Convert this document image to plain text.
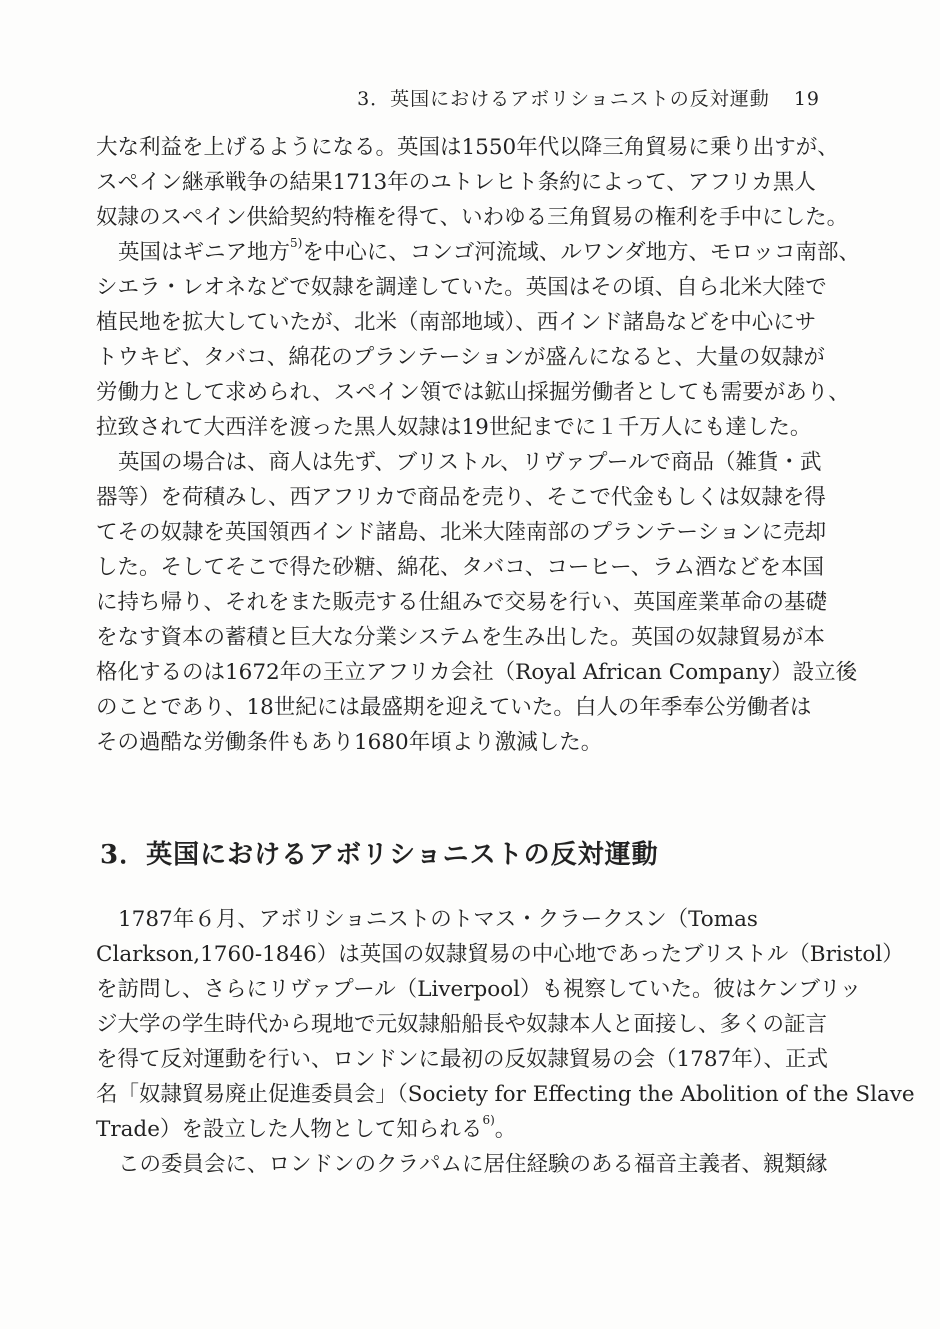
3．英国におけるアボリショニストの反対運動 19
大な利益を上げるようになる。英国は1550年代以降三角貿易に乗り出すが、
スペイン継承戦争の結果1713年のユトレヒト条約によって、アフリカ黒人
奴隷のスペイン供給契約特権を得て、いわゆる三角貿易の権利を手中にした。
英国はギニア地方$^{5)}$を中心に、コンゴ河流域、ルワンダ地方、モロッコ南部、
シエラ・レオネなどで奴隷を調達していた。英国はその頃、自ら北米大陸で
植民地を拡大していたが、北米（南部地域）、西インド諸島などを中心にサ
トウキビ、タバコ、綿花のプランテーションが盛んになると、大量の奴隷が
労働力として求められ、スペイン領では鉱山採掘労働者としても需要があり、
拉致されて大西洋を渡った黒人奴隷は19世紀までに１千万人にも達した。
英国の場合は、商人は先ず、ブリストル、リヴァプールで商品（雑貨・武
器等）を荷積みし、西アフリカで商品を売り、そこで代金もしくは奴隷を得
てその奴隷を英国領西インド諸島、北米大陸南部のプランテーションに売却
した。そしてそこで得た砂糖、綿花、タバコ、コーヒー、ラム酒などを本国
に持ち帰り、それをまた販売する仕組みで交易を行い、英国産業革命の基礎
をなす資本の蓄積と巨大な分業システムを生み出した。英国の奴隷貿易が本
格化するのは1672年の王立アフリカ会社（Royal African Company）設立後
のことであり、18世紀には最盛期を迎えていた。白人の年季奉公労働者は
その過酷な労働条件もあり1680年頃より激減した。
3．英国におけるアボリショニストの反対運動
1787年６月、アボリショニストのトマス・クラークスン（Tomas
Clarkson,1760-1846）は英国の奴隷貿易の中心地であったブリストル（Bristol）
を訪問し、さらにリヴァプール（Liverpool）も視察していた。彼はケンブリッ
ジ大学の学生時代から現地で元奴隷船船長や奴隷本人と面接し、多くの証言
を得て反対運動を行い、ロンドンに最初の反奴隷貿易の会（1787年）、正式
名「奴隷貿易廃止促進委員会」（Society for Effecting the Abolition of the Slave
Trade）を設立した人物として知られる$^{6)}$。
この委員会に、ロンドンのクラパムに居住経験のある福音主義者、親類縁
